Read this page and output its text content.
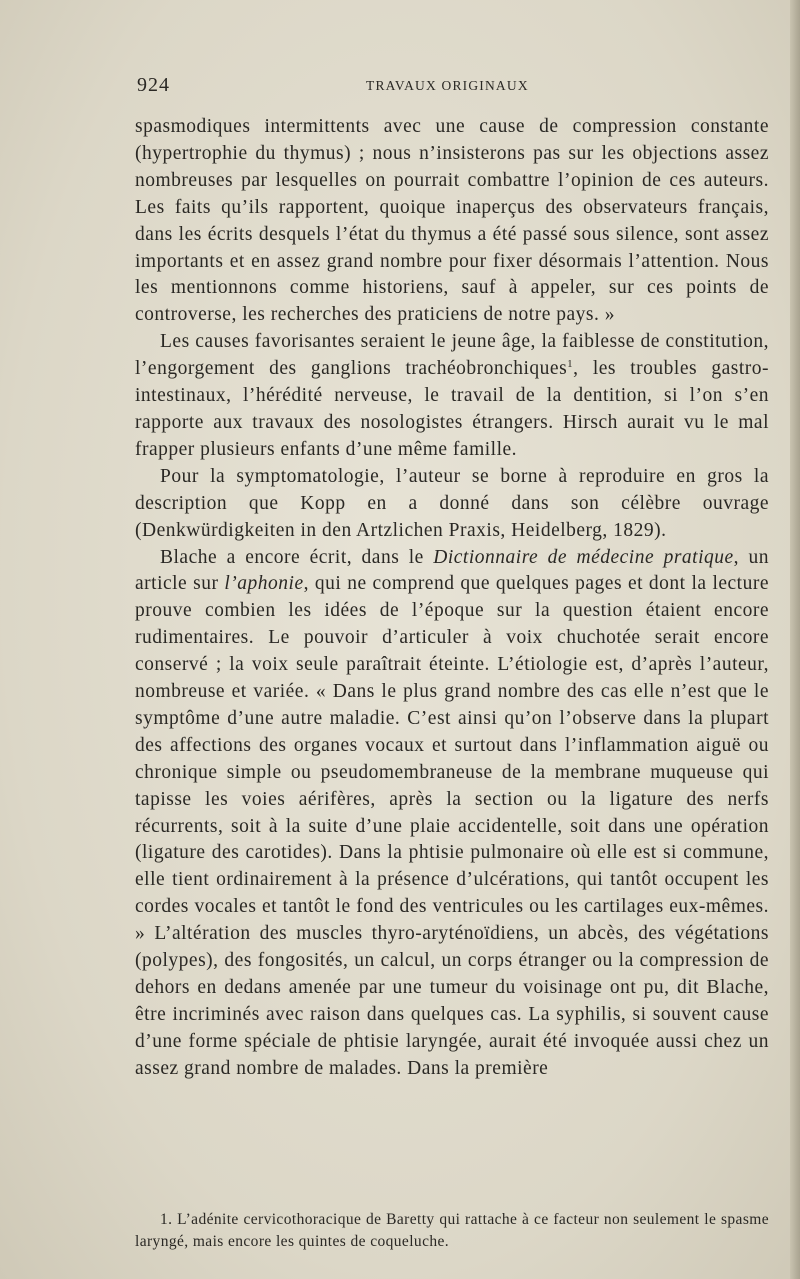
924	TRAVAUX ORIGINAUX

spasmodiques intermittents avec une cause de compression constante (hypertrophie du thymus) ; nous n’insisterons pas sur les objections assez nombreuses par lesquelles on pourrait combattre l’opinion de ces auteurs. Les faits qu’ils rapportent, quoique inaperçus des observateurs français, dans les écrits desquels l’état du thymus a été passé sous silence, sont assez importants et en assez grand nombre pour fixer désormais l’attention. Nous les mentionnons comme historiens, sauf à appeler, sur ces points de controverse, les recherches des praticiens de notre pays. »

Les causes favorisantes seraient le jeune âge, la faiblesse de constitution, l’engorgement des ganglions trachéobronchiques$^1$, les troubles gastro-intestinaux, l’hérédité nerveuse, le travail de la dentition, si l’on s’en rapporte aux travaux des nosologistes étrangers. Hirsch aurait vu le mal frapper plusieurs enfants d’une même famille.

Pour la symptomatologie, l’auteur se borne à reproduire en gros la description que Kopp en a donné dans son célèbre ouvrage (Denkwürdigkeiten in den Artzlichen Praxis, Heidelberg, 1829).

Blache a encore écrit, dans le Dictionnaire de médecine pratique, un article sur l’aphonie, qui ne comprend que quelques pages et dont la lecture prouve combien les idées de l’époque sur la question étaient encore rudimentaires. Le pouvoir d’articuler à voix chuchotée serait encore conservé ; la voix seule paraîtrait éteinte. L’étiologie est, d’après l’auteur, nombreuse et variée. « Dans le plus grand nombre des cas elle n’est que le symptôme d’une autre maladie. C’est ainsi qu’on l’observe dans la plupart des affections des organes vocaux et surtout dans l’inflammation aiguë ou chronique simple ou pseudomembraneuse de la membrane muqueuse qui tapisse les voies aérifères, après la section ou la ligature des nerfs récurrents, soit à la suite d’une plaie accidentelle, soit dans une opération (ligature des carotides). Dans la phtisie pulmonaire où elle est si commune, elle tient ordinairement à la présence d’ulcérations, qui tantôt occupent les cordes vocales et tantôt le fond des ventricules ou les cartilages eux-mêmes. » L’altération des muscles thyro-aryténoïdiens, un abcès, des végétations (polypes), des fongosités, un calcul, un corps étranger ou la compression de dehors en dedans amenée par une tumeur du voisinage ont pu, dit Blache, être incriminés avec raison dans quelques cas. La syphilis, si souvent cause d’une forme spéciale de phtisie laryngée, aurait été invoquée aussi chez un assez grand nombre de malades. Dans la première

1. L’adénite cervicothoracique de Baretty qui rattache à ce facteur non seulement le spasme laryngé, mais encore les quintes de coqueluche.
